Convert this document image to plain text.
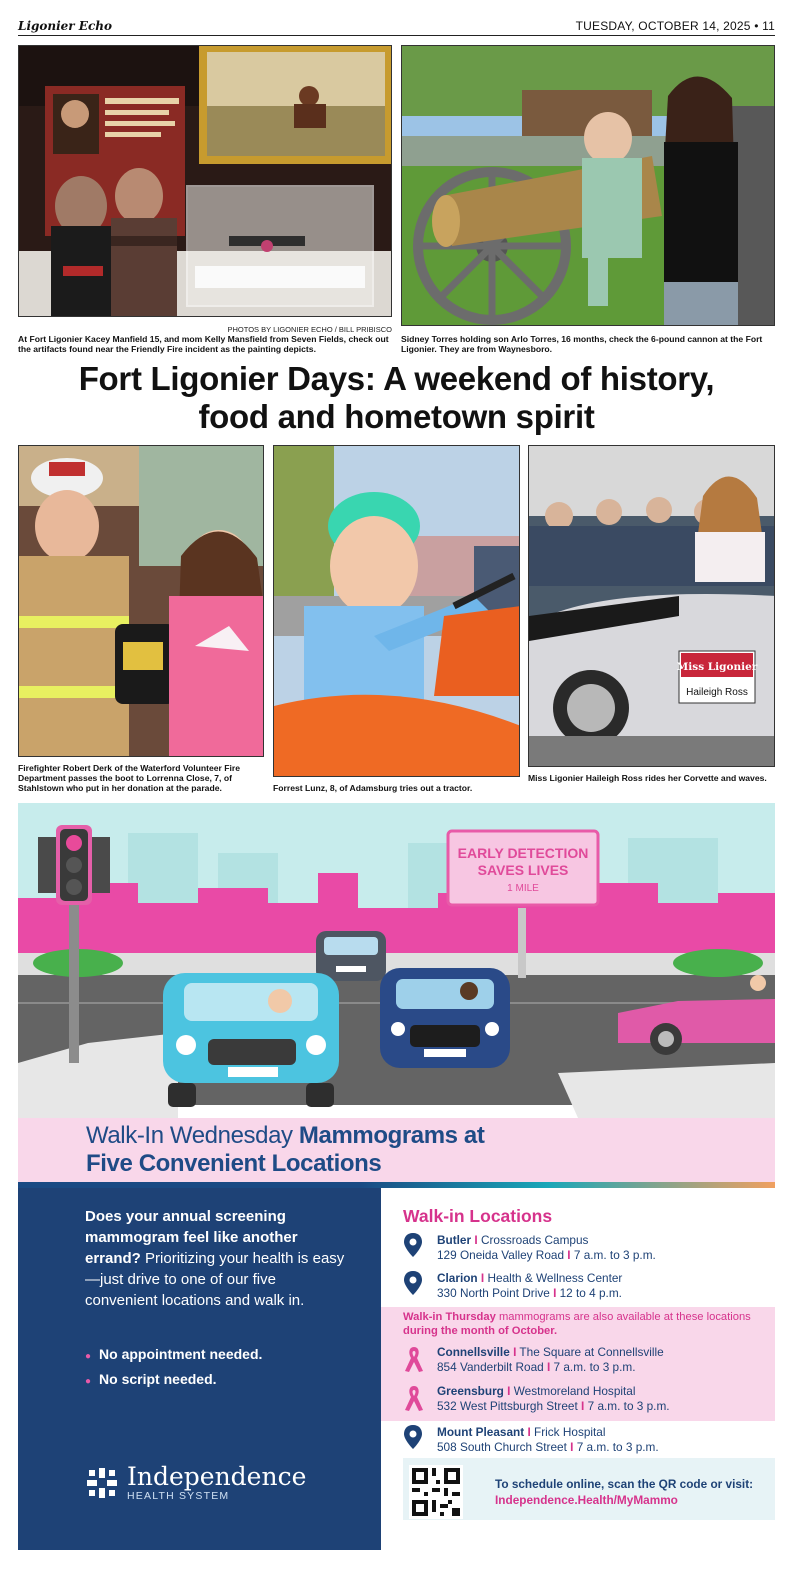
Ligonier Echo	TUESDAY, OCTOBER 14, 2025 • 11
PHOTOS BY LIGONIER ECHO / BILL PRIBISCO
At Fort Ligonier Kacey Manfield 15, and mom Kelly Mansfield from Seven Fields, check out the artifacts found near the Friendly Fire incident as the painting depicts.
Sidney Torres holding son Arlo Torres, 16 months, check the 6-pound cannon at the Fort Ligonier. They are from Waynesboro.
Fort Ligonier Days: A weekend of history,
food and hometown spirit
Firefighter Robert Derk of the Waterford Volunteer Fire Department passes the boot to Lorrenna Close, 7, of Stahlstown who put in her donation at the parade.	Forrest Lunz, 8, of Adamsburg tries out a tractor.
Miss Ligonier
Haileigh Ross
Miss Ligonier Haileigh Ross rides her Corvette and waves.
EARLY DETECTION
SAVES LIVES
1 MILE
Walk-In Wednesday Mammograms at
Five Convenient Locations
Does your annual screening mammogram feel like another errand? Prioritizing your health is easy—just drive to one of our five convenient locations and walk in.
● No appointment needed.
● No script needed.
Independence
HEALTH SYSTEM
Walk-in Locations
Butler I Crossroads Campus
129 Oneida Valley Road I 7 a.m. to 3 p.m.
Clarion I Health & Wellness Center
330 North Point Drive I 12 to 4 p.m.
Walk-in Thursday mammograms are also available at these locations during the month of October.
Connellsville I The Square at Connellsville
854 Vanderbilt Road I 7 a.m. to 3 p.m.
Greensburg I Westmoreland Hospital
532 West Pittsburgh Street I 7 a.m. to 3 p.m.
Mount Pleasant I Frick Hospital
508 South Church Street I 7 a.m. to 3 p.m.
To schedule online, scan the QR code or visit:
Independence.Health/MyMammo
